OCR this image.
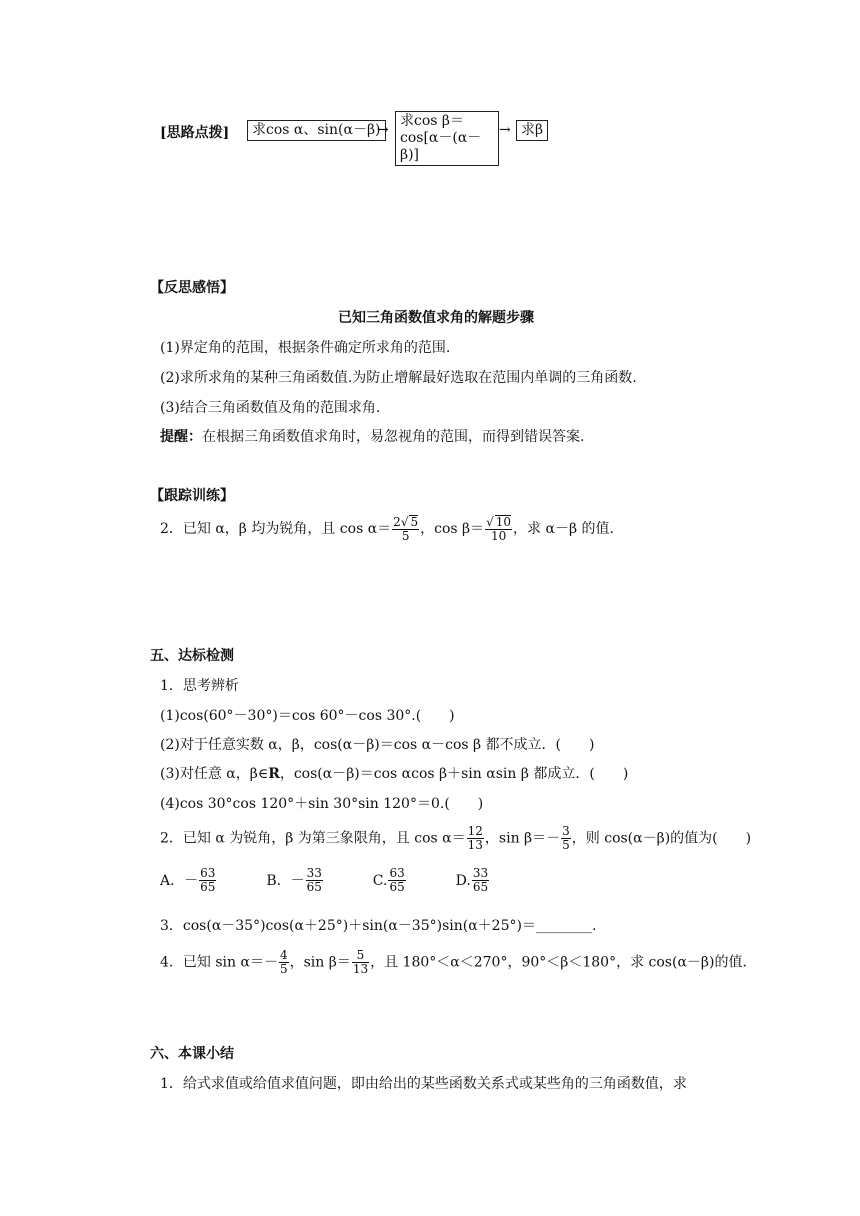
[思路点拨]	求cos α、sin(α－β)
→
求cos β＝
cos[α－(α－β)]
→ 求β
【反思感悟】
已知三角函数值求角的解题步骤
(1)界定角的范围，根据条件确定所求角的范围.
(2)求所求角的某种三角函数值.为防止增解最好选取在范围内单调的三角函数.
(3)结合三角函数值及角的范围求角.
提醒：在根据三角函数值求角时，易忽视角的范围，而得到错误答案.
【跟踪训练】
2．已知 α，β 均为锐角，且 $\cos \alpha= \frac{2√ 5}{5}$ ，$\cos \beta= \frac{√ 10}{10}$ ，求 α－β 的值.
五、达标检测
1．思考辨析
(1)cos(60°－30°)＝cos 60°－cos 30°.(　　)
(2)对于任意实数 α，β，cos(α－β)＝cos α－cos β 都不成立．(　　)
(3)对任意 α，β∈R，cos(α－β)＝cos αcos β＋sin αsin β 都成立．(　　)
(4)cos 30°cos 120°＋sin 30°sin 120°＝0.(　　)
2．已知 α 为锐角，β 为第三象限角，且 $\cos \alpha= \frac{12}{13}$ ，$\sin \beta=- \frac{3}{5}$ ，则 cos(α－β)的值为(　　)
A．－ $\frac{63}{65}$	B．－ $\frac{33}{65}$	C. $\frac{63}{65}$	D. $\frac{33}{65}$
3．cos(α－35°)cos(α＋25°)＋sin(α－35°)sin(α＋25°)＝________.
4．已知 $\sin \alpha=- \frac{4}{5}$ ，$\sin \beta= \frac{5}{13}$ ，且 180°＜α＜270°，90°＜β＜180°，求 cos(α－β)的值.
六、本课小结
1．给式求值或给值求值问题，即由给出的某些函数关系式或某些角的三角函数值，求
